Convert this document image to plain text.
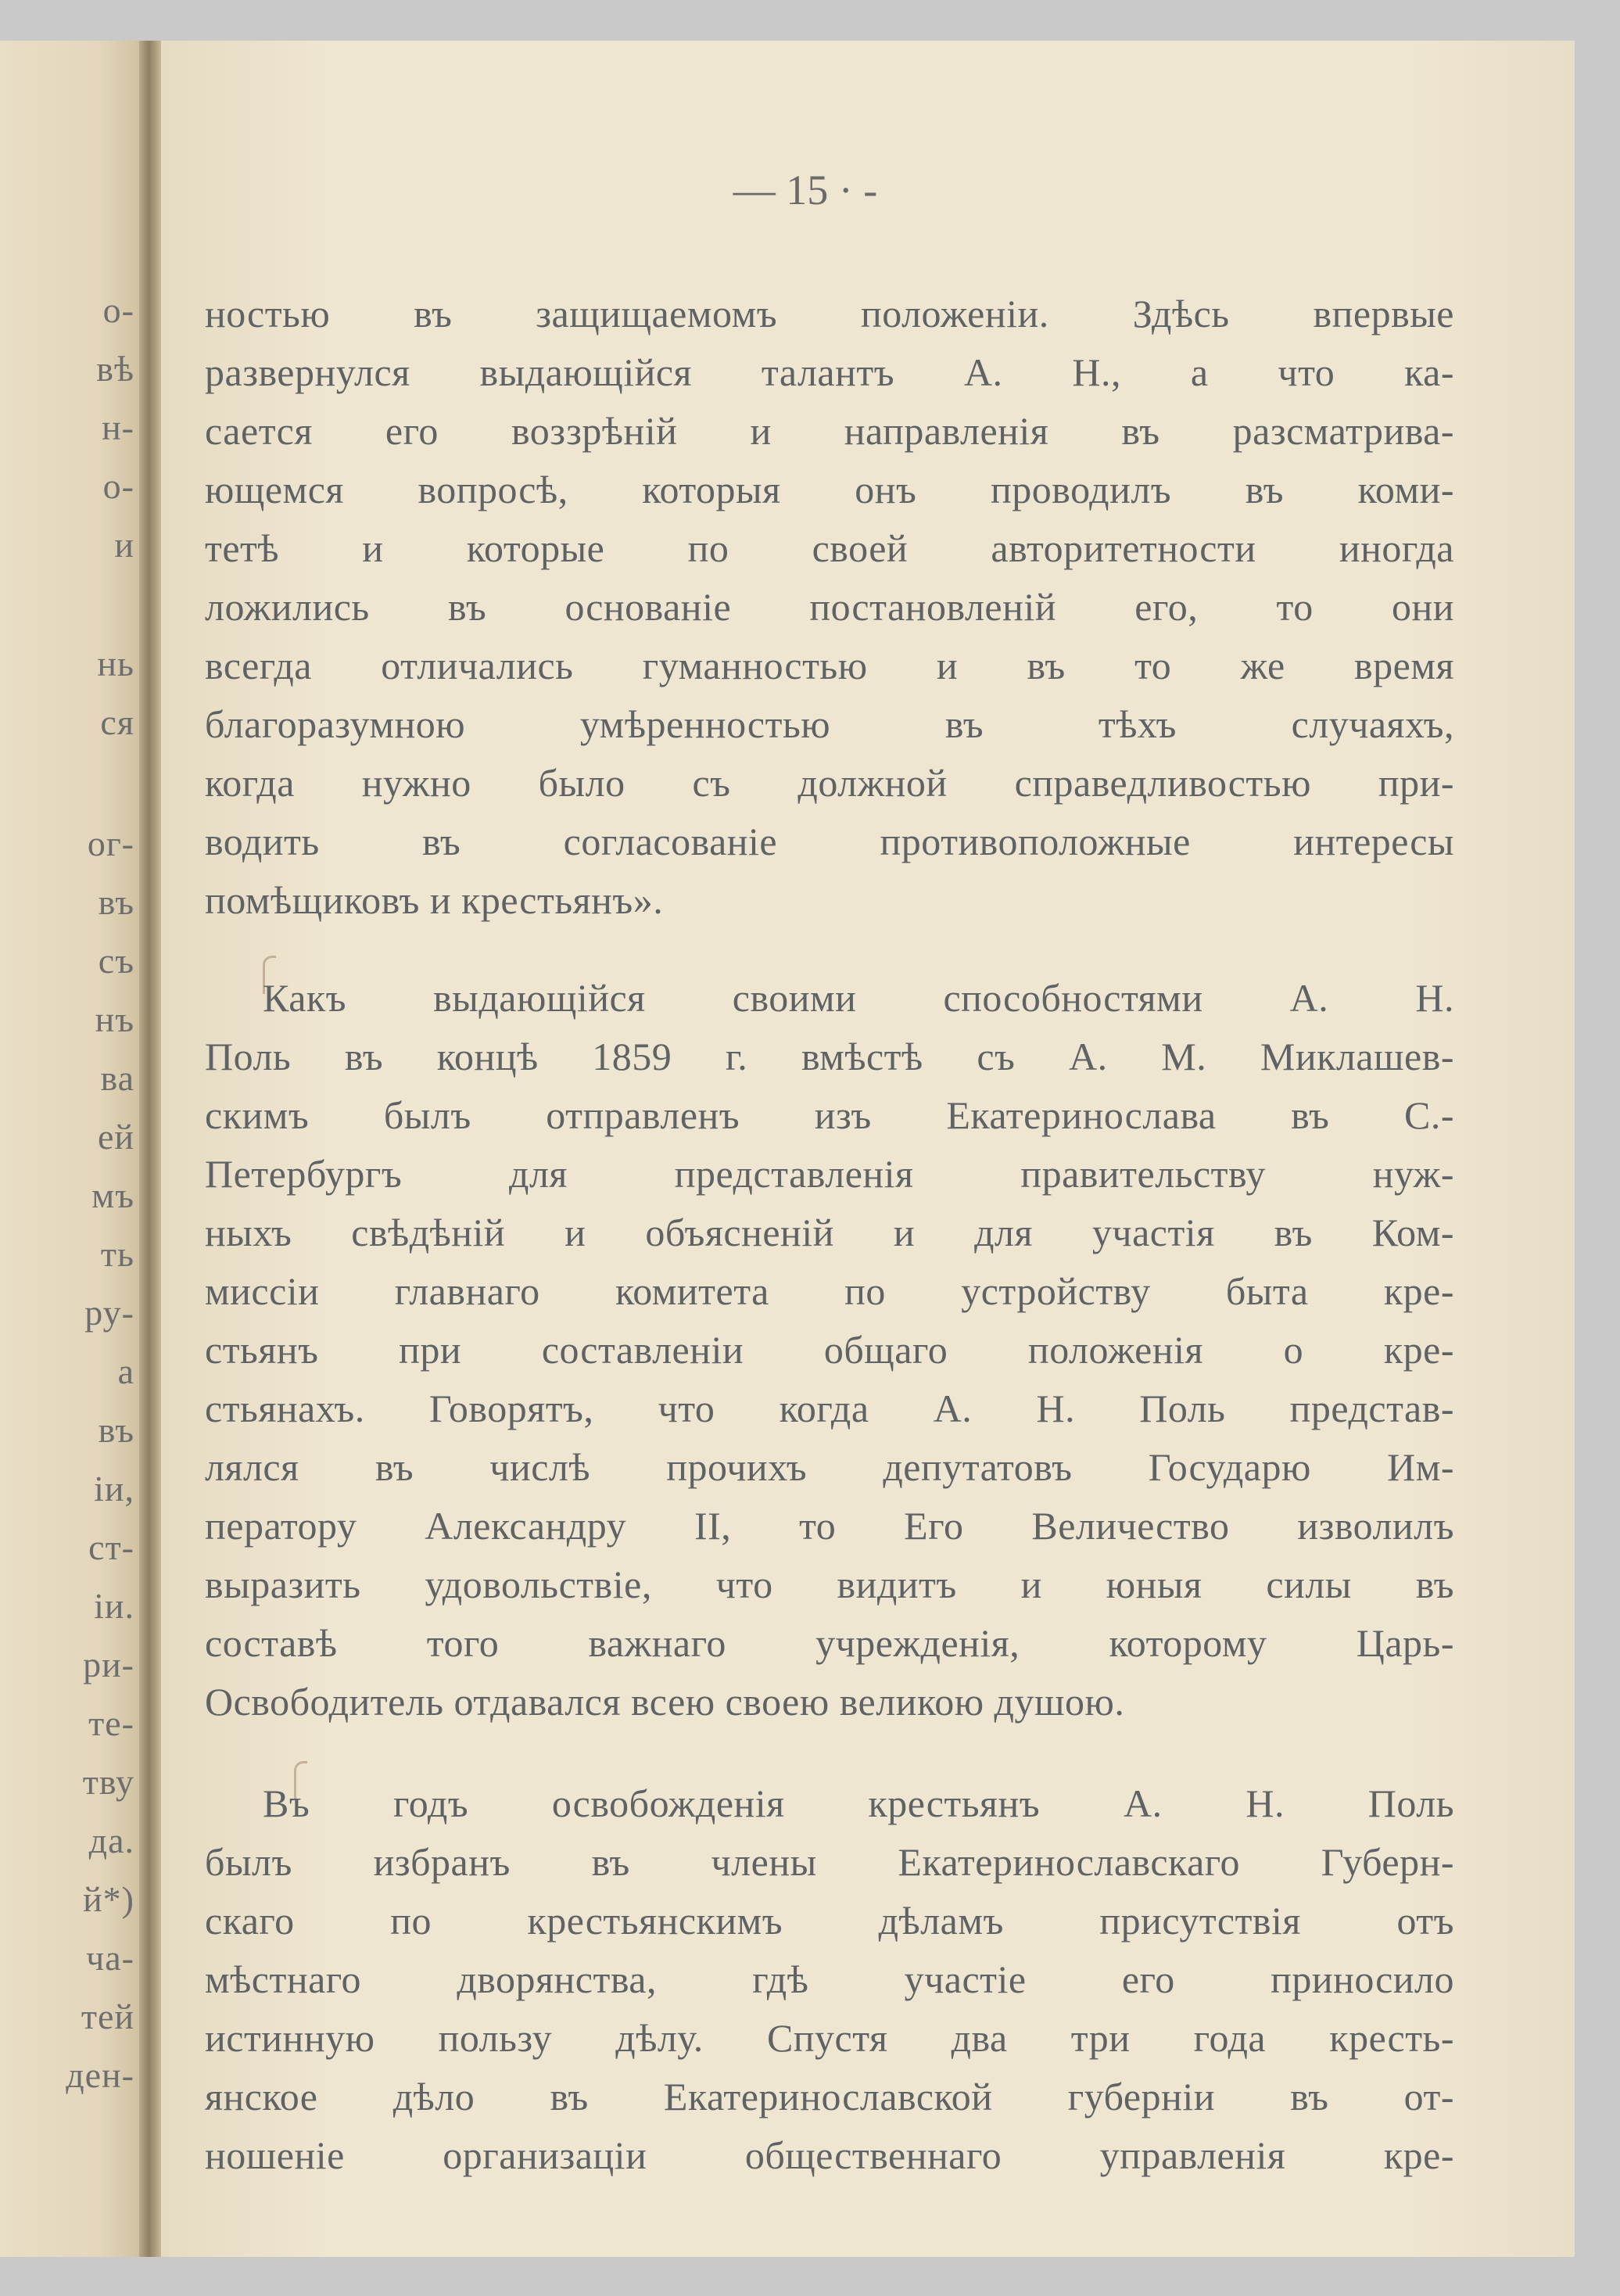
о-
вѣ
н-
о-
и
нь
ся
ог-
въ
съ
нъ
ва
ей
мъ
ть
ру-
а
въ
іи,
ст-
іи.
ри-
те-
тву
да.
й*)
ча-
тей
ден-
— 15 · -
ностью въ защищаемомъ положеніи. Здѣсь впервые
развернулся выдающійся талантъ А. Н., а что ка-
сается его воззрѣній и направленія въ разсматрива-
ющемся вопросѣ, которыя онъ проводилъ въ коми-
тетѣ и которые по своей авторитетности иногда
ложились въ основаніе постановленій его, то они
всегда отличались гуманностью и въ то же время
благоразумною умѣренностью въ тѣхъ случаяхъ,
когда нужно было съ должной справедливостью при-
водить въ согласованіе противоположные интересы
помѣщиковъ и крестьянъ».
Какъ выдающійся своими способностями А. Н.
Поль въ концѣ 1859 г. вмѣстѣ съ А. М. Миклашев-
скимъ былъ отправленъ изъ Екатеринослава въ С.-
Петербургъ для представленія правительству нуж-
ныхъ свѣдѣній и объясненій и для участія въ Ком-
миссіи главнаго комитета по устройству быта кре-
стьянъ при составленіи общаго положенія о кре-
стьянахъ. Говорятъ, что когда А. Н. Поль представ-
лялся въ числѣ прочихъ депутатовъ Государю Им-
ператору Александру II, то Его Величество изволилъ
выразить удовольствіе, что видитъ и юныя силы въ
составѣ того важнаго учрежденія, которому Царь-
Освободитель отдавался всею своею великою душою.
Въ годъ освобожденія крестьянъ А. Н. Поль
былъ избранъ въ члены Екатеринославскаго Губерн-
скаго по крестьянскимъ дѣламъ присутствія отъ
мѣстнаго дворянства, гдѣ участіе его приносило
истинную пользу дѣлу. Спустя два три года кресть-
янское дѣло въ Екатеринославской губерніи въ от-
ношеніе организаціи общественнаго управленія кре-
